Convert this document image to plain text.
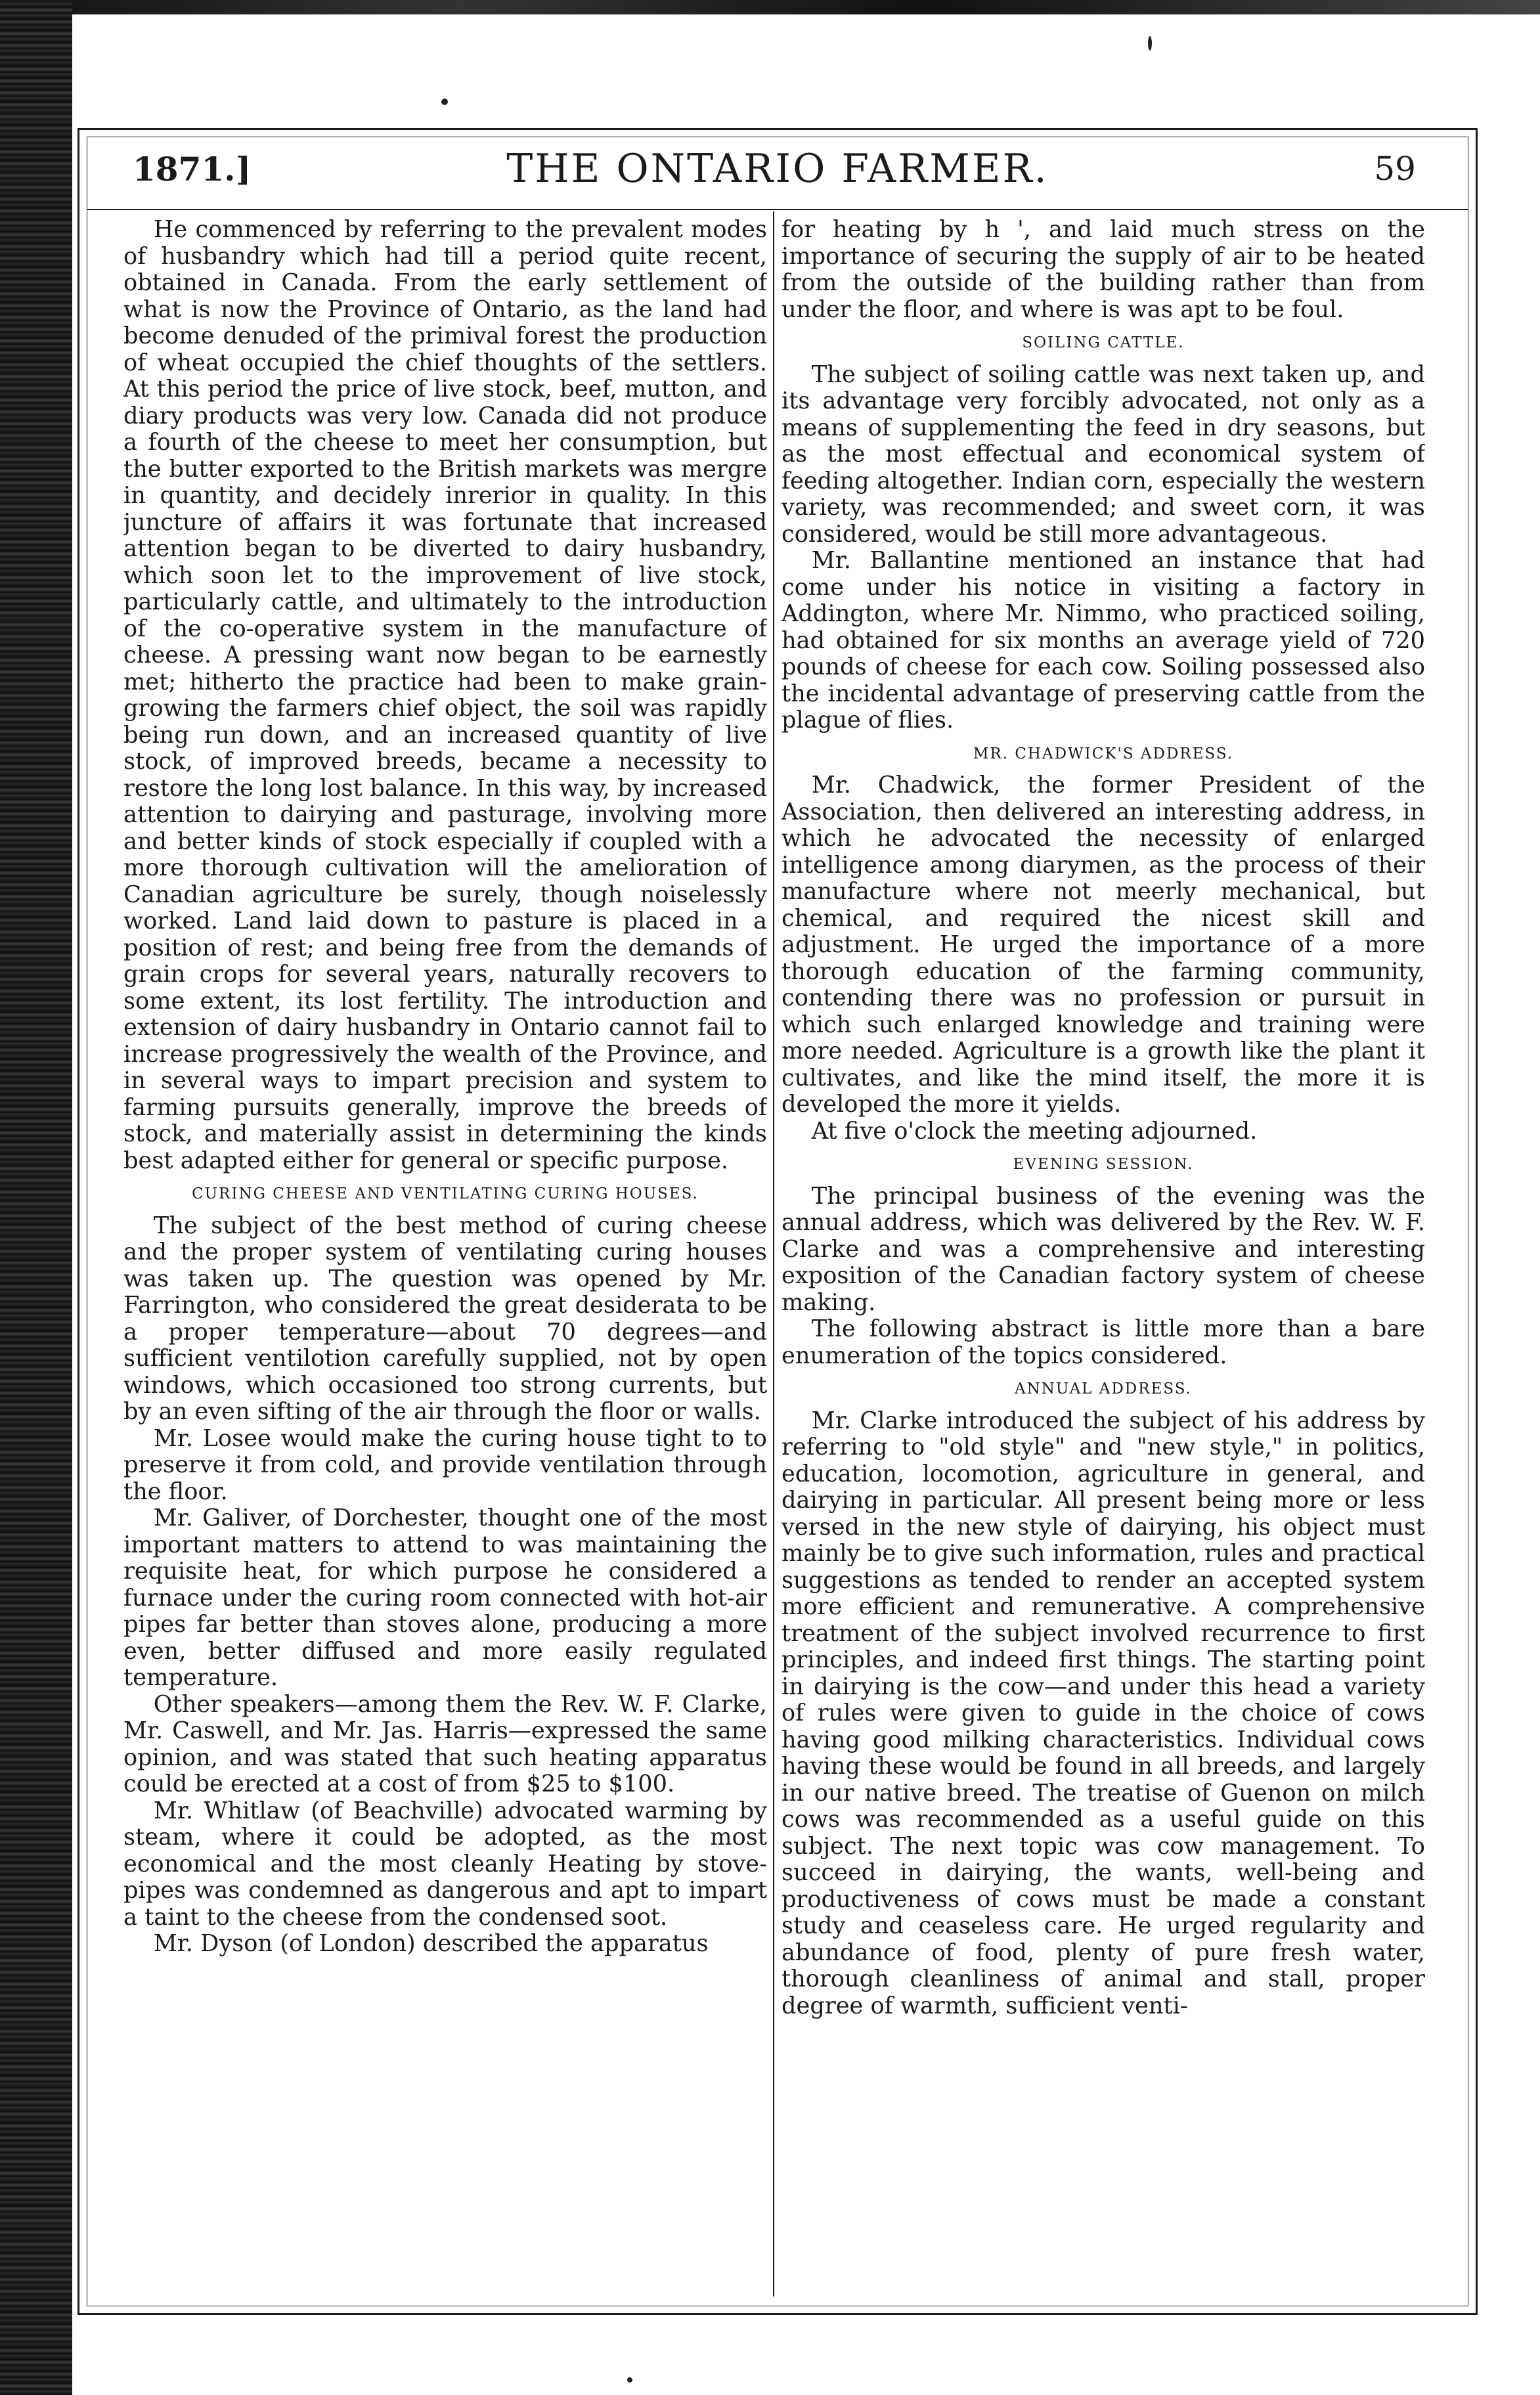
1871.]	THE ONTARIO FARMER.	59

He commenced by referring to the prevalent modes of husbandry which had till a period quite recent, obtained in Canada. From the early settlement of what is now the Province of Ontario, as the land had become denuded of the primival forest the production of wheat occupied the chief thoughts of the settlers. At this period the price of live stock, beef, mutton, and diary products was very low. Canada did not produce a fourth of the cheese to meet her consumption, but the butter exported to the British markets was mergre in quantity, and decidely inrerior in quality. In this juncture of affairs it was fortunate that increased attention began to be diverted to dairy husbandry, which soon let to the improvement of live stock, particularly cattle, and ultimately to the introduction of the co-operative system in the manufacture of cheese. A pressing want now began to be earnestly met; hitherto the practice had been to make grain-growing the farmers chief object, the soil was rapidly being run down, and an increased quantity of live stock, of improved breeds, became a necessity to restore the long lost balance. In this way, by increased attention to dairying and pasturage, involving more and better kinds of stock especially if coupled with a more thorough cultivation will the amelioration of Canadian agriculture be surely, though noiselessly worked. Land laid down to pasture is placed in a position of rest; and being free from the demands of grain crops for several years, naturally recovers to some extent, its lost fertility. The introduction and extension of dairy husbandry in Ontario cannot fail to increase progressively the wealth of the Province, and in several ways to impart precision and system to farming pursuits generally, improve the breeds of stock, and materially assist in determining the kinds best adapted either for general or specific purpose.

CURING CHEESE AND VENTILATING CURING HOUSES.

The subject of the best method of curing cheese and the proper system of ventilating curing houses was taken up. The question was opened by Mr. Farrington, who considered the great desiderata to be a proper temperature—about 70 degrees—and sufficient ventilotion carefully supplied, not by open windows, which occasioned too strong currents, but by an even sifting of the air through the floor or walls.

Mr. Losee would make the curing house tight to to preserve it from cold, and provide ventilation through the floor.

Mr. Galiver, of Dorchester, thought one of the most important matters to attend to was maintaining the requisite heat, for which purpose he considered a furnace under the curing room connected with hot-air pipes far better than stoves alone, producing a more even, better diffused and more easily regulated temperature.

Other speakers—among them the Rev. W. F. Clarke, Mr. Caswell, and Mr. Jas. Harris—expressed the same opinion, and was stated that such heating apparatus could be erected at a cost of from $25 to $100.

Mr. Whitlaw (of Beachville) advocated warming by steam, where it could be adopted, as the most economical and the most cleanly Heating by stove-pipes was condemned as dangerous and apt to impart a taint to the cheese from the condensed soot.

Mr. Dyson (of London) described the apparatus

for heating by h ', and laid much stress on the importance of securing the supply of air to be heated from the outside of the building rather than from under the floor, and where is was apt to be foul.

SOILING CATTLE.

The subject of soiling cattle was next taken up, and its advantage very forcibly advocated, not only as a means of supplementing the feed in dry seasons, but as the most effectual and economical system of feeding altogether. Indian corn, especially the western variety, was recommended; and sweet corn, it was considered, would be still more advantageous.

Mr. Ballantine mentioned an instance that had come under his notice in visiting a factory in Addington, where Mr. Nimmo, who practiced soiling, had obtained for six months an average yield of 720 pounds of cheese for each cow. Soiling possessed also the incidental advantage of preserving cattle from the plague of flies.

MR. CHADWICK'S ADDRESS.

Mr. Chadwick, the former President of the Association, then delivered an interesting address, in which he advocated the necessity of enlarged intelligence among diarymen, as the process of their manufacture where not meerly mechanical, but chemical, and required the nicest skill and adjustment. He urged the importance of a more thorough education of the farming community, contending there was no profession or pursuit in which such enlarged knowledge and training were more needed. Agriculture is a growth like the plant it cultivates, and like the mind itself, the more it is developed the more it yields.

At five o'clock the meeting adjourned.

EVENING SESSION.

The principal business of the evening was the annual address, which was delivered by the Rev. W. F. Clarke and was a comprehensive and interesting exposition of the Canadian factory system of cheese making.

The following abstract is little more than a bare enumeration of the topics considered.

ANNUAL ADDRESS.

Mr. Clarke introduced the subject of his address by referring to "old style" and "new style," in politics, education, locomotion, agriculture in general, and dairying in particular. All present being more or less versed in the new style of dairying, his object must mainly be to give such information, rules and practical suggestions as tended to render an accepted system more efficient and remunerative. A comprehensive treatment of the subject involved recurrence to first principles, and indeed first things. The starting point in dairying is the cow—and under this head a variety of rules were given to guide in the choice of cows having good milking characteristics. Individual cows having these would be found in all breeds, and largely in our native breed. The treatise of Guenon on milch cows was recommended as a useful guide on this subject. The next topic was cow management. To succeed in dairying, the wants, well-being and productiveness of cows must be made a constant study and ceaseless care. He urged regularity and abundance of food, plenty of pure fresh water, thorough cleanliness of animal and stall, proper degree of warmth, sufficient venti-
